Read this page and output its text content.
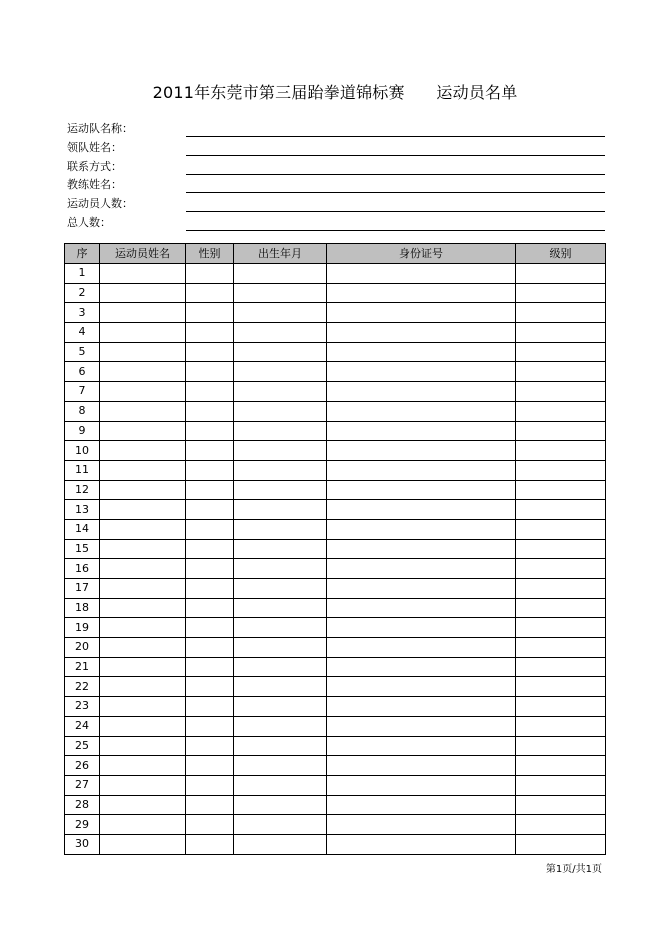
2011年东莞市第三届跆拳道锦标赛      运动员名单
运动队名称：
领队姓名：
联系方式：
教练姓名：
运动员人数：
总人数：
序	运动员姓名	性别	出生年月	身份证号	级别
1					
2					
3					
4					
5					
6					
7					
8					
9					
10					
11					
12					
13					
14					
15					
16					
17					
18					
19					
20					
21					
22					
23					
24					
25					
26					
27					
28					
29					
30					
第1页/共1页
